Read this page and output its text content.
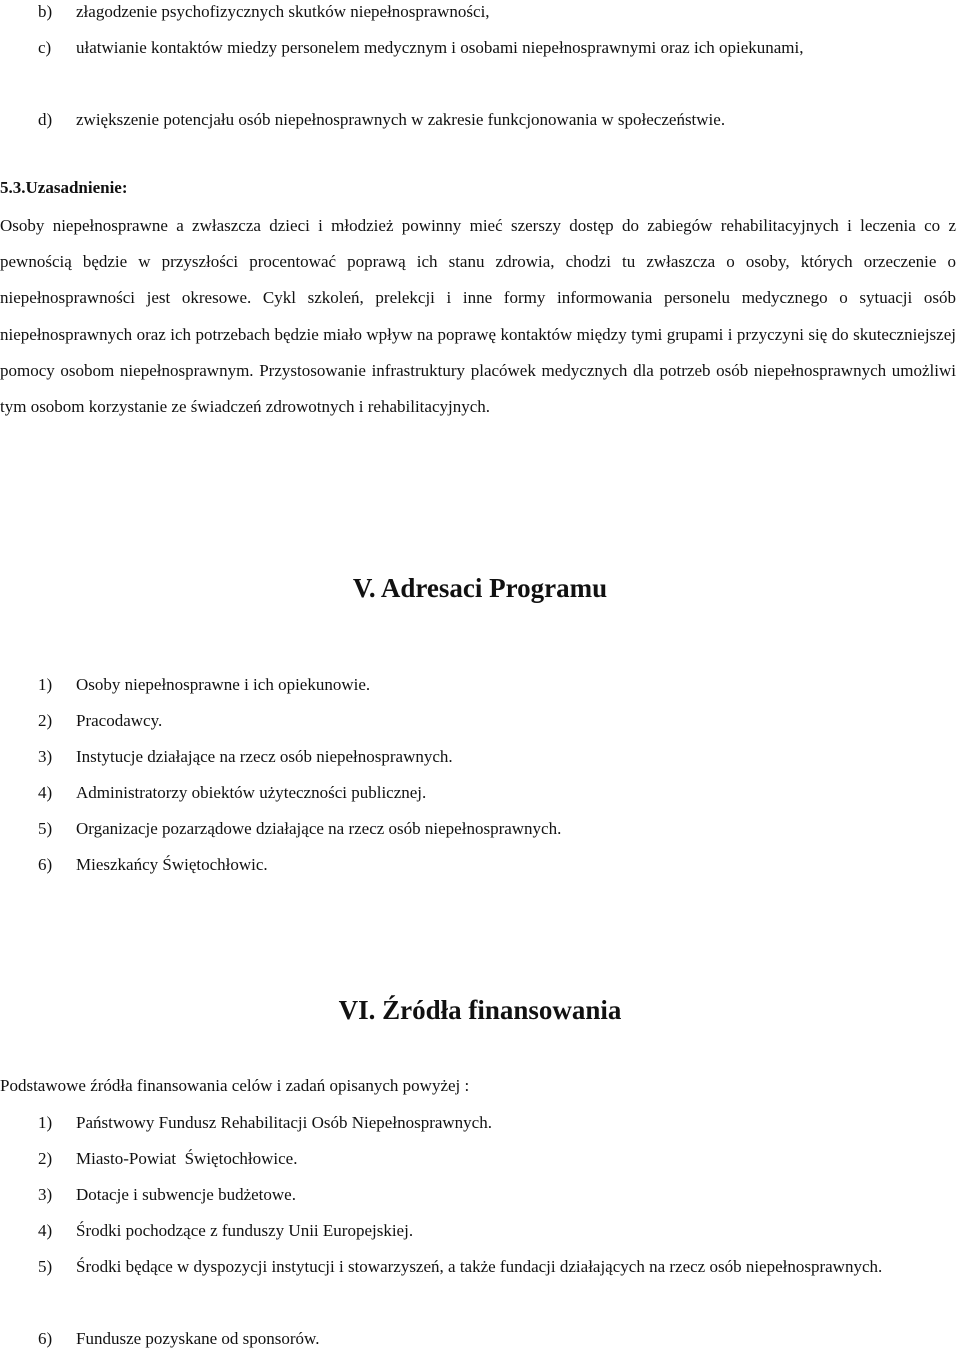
b) złagodzenie psychofizycznych skutków niepełnosprawności,
c)	ułatwianie kontaktów miedzy personelem medycznym i osobami niepełnosprawnymi oraz ich opiekunami,
d) zwiększenie potencjału osób niepełnosprawnych w zakresie funkcjonowania w społeczeństwie.
5.3.Uzasadnienie:

Osoby niepełnosprawne a zwłaszcza dzieci i młodzież powinny mieć szerszy dostęp do zabiegów rehabilitacyjnych i leczenia co z pewnością będzie w przyszłości procentować poprawą ich stanu zdrowia, chodzi tu zwłaszcza o osoby, których orzeczenie o niepełnosprawności jest okresowe. Cykl szkoleń, prelekcji i inne formy informowania personelu medycznego o sytuacji osób niepełnosprawnych oraz ich potrzebach będzie miało wpływ na poprawę kontaktów między tymi grupami i przyczyni się do skuteczniejszej pomocy osobom niepełnosprawnym. Przystosowanie infrastruktury placówek medycznych dla potrzeb osób niepełnosprawnych umożliwi tym osobom korzystanie ze świadczeń zdrowotnych i rehabilitacyjnych.

V. Adresaci Programu
1) Osoby niepełnosprawne i ich opiekunowie.
2) Pracodawcy.
3) Instytucje działające na rzecz osób niepełnosprawnych.
4) Administratorzy obiektów użyteczności publicznej.
5) Organizacje pozarządowe działające na rzecz osób niepełnosprawnych.
6) Mieszkańcy Świętochłowic.
VI. Źródła finansowania
Podstawowe źródła finansowania celów i zadań opisanych powyżej :
1) Państwowy Fundusz Rehabilitacji Osób Niepełnosprawnych.
2) Miasto-Powiat  Świętochłowice.
3) Dotacje i subwencje budżetowe.
4) Środki pochodzące z funduszy Unii Europejskiej.
5) Środki będące w dyspozycji instytucji i stowarzyszeń, a także fundacji działających na rzecz osób niepełnosprawnych.
6) Fundusze pozyskane od sponsorów.
